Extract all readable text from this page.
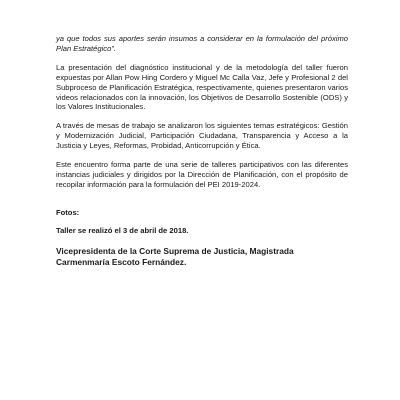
ya que todos sus aportes serán insumos a considerar en la formulación del próximo Plan Estratégico”.

La presentación del diagnóstico institucional y de la metodología del taller fueron expuestas por Allan Pow Hing Cordero y Miguel Mc Calla Vaz, Jefe y Profesional 2 del Subproceso de Planificación Estratégica, respectivamente, quienes presentaron varios videos relacionados con la innovación, los Objetivos de Desarrollo Sostenible (ODS) y los Valores Institucionales.

A través de mesas de trabajo se analizaron los siguientes temas estratégicos: Gestión y Modernización Judicial, Participación Ciudadana, Transparencia y Acceso a la Justicia y Leyes, Reformas, Probidad, Anticorrupción y Ética.

Este encuentro forma parte de una serie de talleres participativos con las diferentes instancias judiciales y dirigidos por la Dirección de Planificación, con el propósito de recopilar información para la formulación del PEI 2019-2024.

Fotos:

Taller se realizó el 3 de abril de 2018.

Vicepresidenta de la Corte Suprema de Justicia, Magistrada Carmenmaría Escoto Fernández.
